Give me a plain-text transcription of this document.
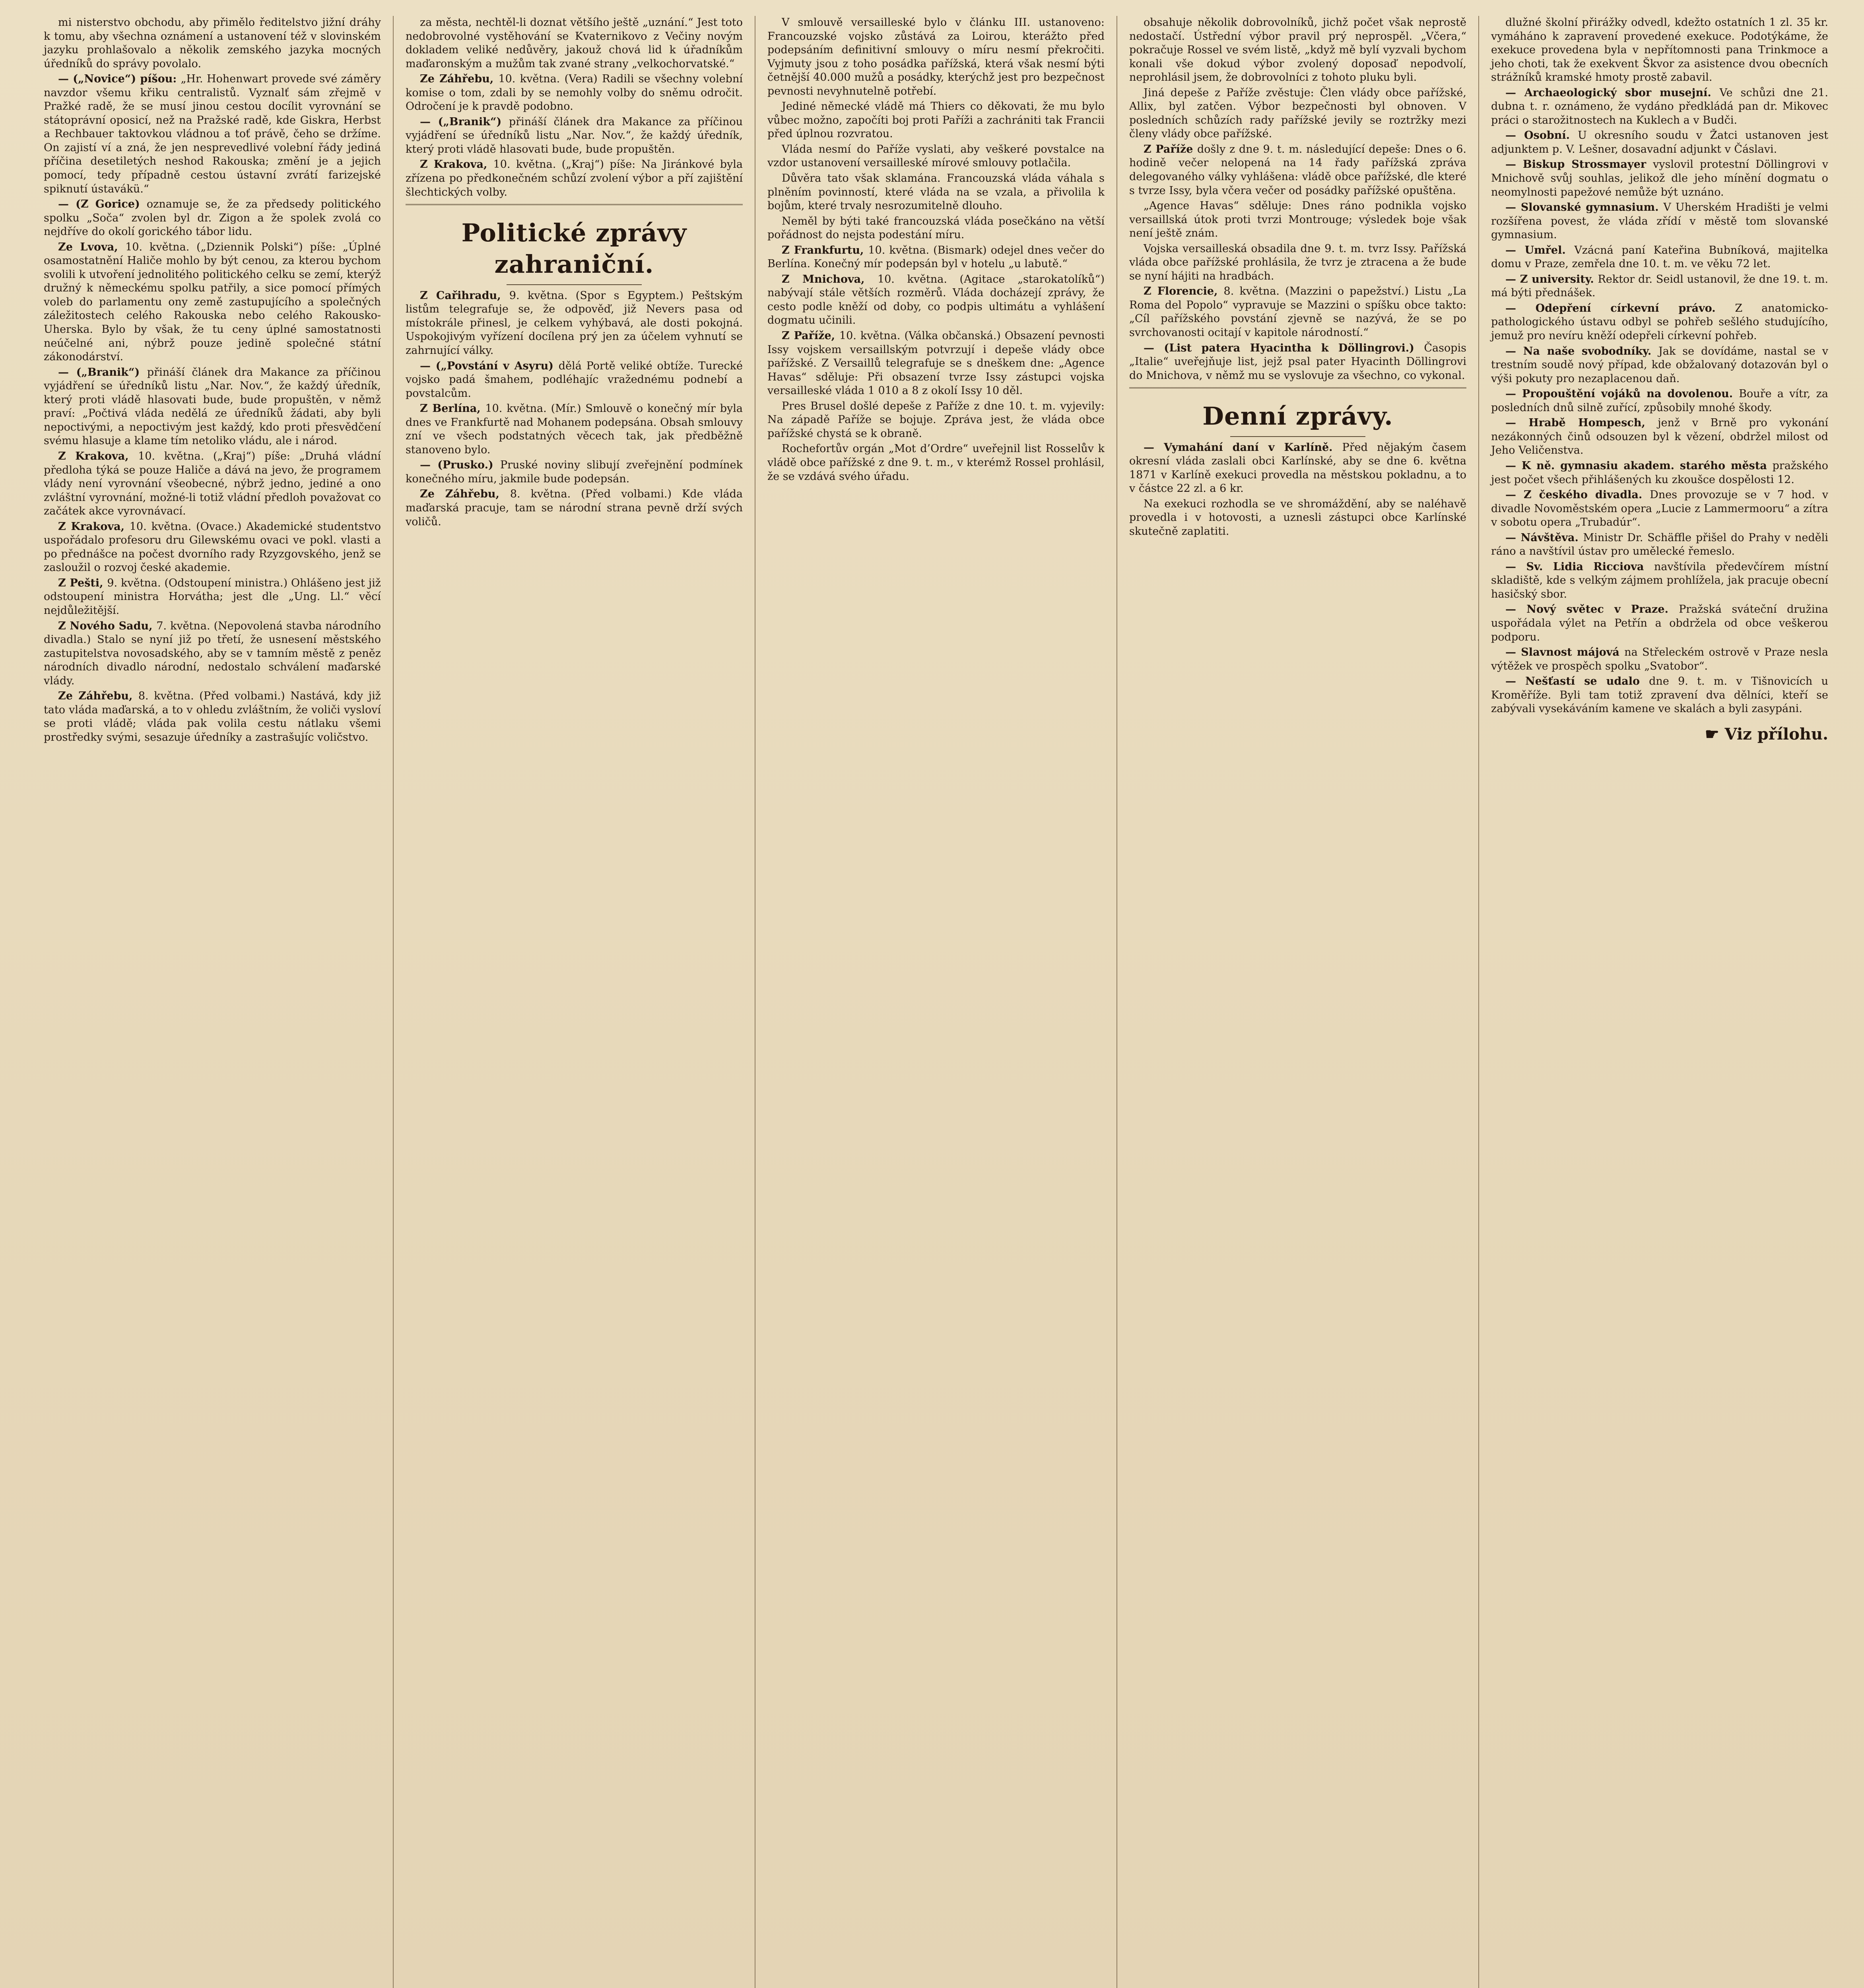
mi nisterstvo obchodu, aby přimělo ředitelstvo jižní dráhy k tomu, aby všechna oznámení a ustanovení též v slovinském jazyku prohlašovalo a několik zemského jazyka mocných úředníků do správy povolalo.

— („Novice“) píšou: „Hr. Hohenwart provede své záměry navzdor všemu křiku centralistů. Vyznalť sám zřejmě v Pražké radě, že se musí jinou cestou docílit vyrovnání se státoprávní oposicí, než na Pražské radě, kde Giskra, Herbst a Rechbauer taktovkou vládnou a toť právě, čeho se držíme. On zajistí ví a zná, že jen nesprevedlivé volební řády jediná příčina desetiletých neshod Rakouska; změní je a jejich pomocí, tedy případně cestou ústavní zvrátí farizejské spiknutí ústavákü.“

— (Z Gorice) oznamuje se, že za předsedy politického spolku „Soča“ zvolen byl dr. Zigon a že spolek zvolá co nejdříve do okolí gorického tábor lidu.

Ze Lvova, 10. května. („Dziennik Polski“) píše: „Úplné osamostatnění Haliče mohlo by být cenou, za kterou bychom svolili k utvoření jednolitého politického celku se zemí, kterýž družný k německému spolku patřily, a sice pomocí přímých voleb do parlamentu ony země zastupujícího a společných záležitostech celého Rakouska nebo celého Rakousko-Uherska. Bylo by však, že tu ceny úplné samostatnosti neúčelné ani, nýbrž pouze jedině společné státní zákonodárství.

— („Branik“) přináší článek dra Makance za příčinou vyjádření se úředníků listu „Nar. Nov.“, že každý úředník, který proti vládě hlasovati bude, bude propuštěn, v němž praví: „Počtivá vláda nedělá ze úředníků žádati, aby byli nepoctivými, a nepoctivým jest každý, kdo proti přesvědčení svému hlasuje a klame tím netoliko vládu, ale i národ.

Z Krakova, 10. května. („Kraj“) píše: „Druhá vládní předloha týká se pouze Haliče a dává na jevo, že programem vlády není vyrovnání všeobecné, nýbrž jedno, jediné a ono zvláštní vyrovnání, možné-li totiž vládní předloh považovat co začátek akce vyrovnávací.

Z Krakova, 10. května. (Ovace.) Akademické studentstvo uspořádalo profesoru dru Gilewskému ovaci ve pokl. vlasti a po přednášce na počest dvorního rady Rzyzgovského, jenž se zasloužil o rozvoj české akademie.

Z Pešti, 9. května. (Odstoupení ministra.) Ohlášeno jest již odstoupení ministra Horvátha; jest dle „Ung. Ll.“ věcí nejdůležitější.

Z Nového Sadu, 7. května. (Nepovolená stavba národního divadla.) Stalo se nyní již po třetí, že usnesení městského zastupitelstva novosadského, aby se v tamním městě z peněz národních divadlo národní, nedostalo schválení maďarské vlády.

Ze Záhřebu, 8. května. (Před volbami.) Nastává, kdy již tato vláda maďarská, a to v ohledu zvláštním, že voliči vysloví se proti vládě; vláda pak volila cestu nátlaku všemi prostředky svými, sesazuje úředníky a zastrašujíc voličstvo.

za města, nechtěl-li doznat většího ještě „uznání.“ Jest toto nedobrovolné vystěhování se Kvaternikovo z Večiny novým dokladem veliké nedůvěry, jakouž chová lid k úřadníkům maďaronským a mužům tak zvané strany „velkochorvatské.“

Ze Záhřebu, 10. května. (Vera) Radili se všechny volební komise o tom, zdali by se nemohly volby do sněmu odročit. Odročení je k pravdě podobno.

— („Branik“) přináší článek dra Makance za příčinou vyjádření se úředníků listu „Nar. Nov.“, že každý úředník, který proti vládě hlasovati bude, bude propuštěn.

Z Krakova, 10. května. („Kraj“) píše: Na Jiránkové byla zřízena po předkonečném schůzí zvolení výbor a pří zajištění šlechtických volby.

Politické zprávy zahraniční.

Z Cařihradu, 9. května. (Spor s Egyptem.) Peštským listům telegrafuje se, že odpověď, již Nevers pasa od místokrále přinesl, je celkem vyhýbavá, ale dosti pokojná. Uspokojivým vyřízení docílena prý jen za účelem vyhnutí se zahrnující války.

— („Povstání v Asyru) dělá Portě veliké obtíže. Turecké vojsko padá šmahem, podléhajíc vražednému podnebí a povstalcům.

Z Berlína, 10. května. (Mír.) Smlouvě o konečný mír byla dnes ve Frankfurtě nad Mohanem podepsána. Obsah smlouvy zní ve všech podstatných věcech tak, jak předběžně stanoveno bylo.

— (Prusko.) Pruské noviny slibují zveřejnění podmínek konečného míru, jakmile bude podepsán.

Ze Záhřebu, 8. května. (Před volbami.) Kde vláda maďarská pracuje, tam se národní strana pevně drží svých voličů.

V smlouvě versailleské bylo v článku III. ustanoveno: Francouzské vojsko zůstává za Loirou, kterážto před podepsáním definitivní smlouvy o míru nesmí překročiti. Vyjmuty jsou z toho posádka pařížská, která však nesmí býti četnější 40.000 mužů a posádky, kterýchž jest pro bezpečnost pevnosti nevyhnutelně potřebí.

Jediné německé vládě má Thiers co děkovati, že mu bylo vůbec možno, započíti boj proti Paříži a zachrániti tak Francii před úplnou rozvratou.

Vláda nesmí do Paříže vyslati, aby veškeré povstalce na vzdor ustanovení versailleské mírové smlouvy potlačila.

Důvěra tato však sklamána. Francouzská vláda váhala s plněním povinností, které vláda na se vzala, a přivolila k bojům, které trvaly nesrozumitelně dlouho.

Neměl by býti také francouzská vláda posečkáno na větší pořádnost do nejsta podestání míru.

Z Frankfurtu, 10. května. (Bismark) odejel dnes večer do Berlína. Konečný mír podepsán byl v hotelu „u labutě.“

Z Mnichova, 10. května. (Agitace „starokatolíků“) nabývají stále větších rozměrů. Vláda docházejí zprávy, že cesto podle kněží od doby, co podpis ultimátu a vyhlášení dogmatu učinili.

Z Paříže, 10. května. (Válka občanská.) Obsazení pevnosti Issy vojskem versaillským potvrzují i depeše vlády obce pařížské. Z Versaillů telegrafuje se s dneškem dne: „Agence Havas“ sděluje: Při obsazení tvrze Issy zástupci vojska versailleské vláda 1 010 a 8 z okolí Issy 10 děl.

Pres Brusel došlé depeše z Paříže z dne 10. t. m. vyjevily: Na západě Paříže se bojuje. Zpráva jest, že vláda obce pařížské chystá se k obraně.

Rochefortův orgán „Mot d’Ordre“ uveřejnil list Rosselův k vládě obce pařížské z dne 9. t. m., v kterémž Rossel prohlásil, že se vzdává svého úřadu.

obsahuje několik dobrovolníků, jichž počet však neprostě nedostačí. Ústřední výbor pravil prý neprospěl. „Včera,“ pokračuje Rossel ve svém listě, „když mě bylí vyzvali bychom konali vše dokud výbor zvolený doposaď nepodvolí, neprohlásil jsem, že dobrovolníci z tohoto pluku byli.

Jiná depeše z Paříže zvěstuje: Člen vlády obce pařížské, Allix, byl zatčen. Výbor bezpečnosti byl obnoven. V posledních schůzích rady pařížské jevily se roztržky mezi členy vlády obce pařížské.

Z Paříže došly z dne 9. t. m. následující depeše: Dnes o 6. hodině večer nelopená na 14 řady pařížská zpráva delegovaného války vyhlášena: vládě obce pařížské, dle které s tvrze Issy, byla včera večer od posádky pařížské opuštěna.

„Agence Havas“ sděluje: Dnes ráno podnikla vojsko versaillská útok proti tvrzi Montrouge; výsledek boje však není ještě znám.

Vojska versailleská obsadila dne 9. t. m. tvrz Issy. Pařížská vláda obce pařížské prohlásila, že tvrz je ztracena a že bude se nyní hájiti na hradbách.

Z Florencie, 8. května. (Mazzini o papežství.) Listu „La Roma del Popolo“ vypravuje se Mazzini o spíšku obce takto: „Cíl pařížského povstání zjevně se nazývá, že se po svrchovanosti ocitají v kapitole národností.“

— (List patera Hyacintha k Döllingrovi.) Časopis „Italie“ uveřejňuje list, jejž psal pater Hyacinth Döllingrovi do Mnichova, v němž mu se vyslovuje za všechno, co vykonal.

Denní zprávy.

— Vymahání daní v Karlíně. Před nějakým časem okresní vláda zaslali obci Karlínské, aby se dne 6. května 1871 v Karlíně exekuci provedla na městskou pokladnu, a to v částce 22 zl. a 6 kr.

Na exekuci rozhodla se ve shromáždění, aby se naléhavě provedla i v hotovosti, a uznesli zástupci obce Karlínské skutečně zaplatiti.

dlužné školní přirážky odvedl, kdežto ostatních 1 zl. 35 kr. vymáháno k zapravení provedené exekuce. Podotýkáme, že exekuce provedena byla v nepřítomnosti pana Trinkmoce a jeho choti, tak že exekvent Škvor za asistence dvou obecních strážníků kramské hmoty prostě zabavil.

— Archaeologický sbor musejní. Ve schůzi dne 21. dubna t. r. oznámeno, že vydáno předkládá pan dr. Mikovec práci o starožitnostech na Kuklech a v Budči.

— Osobní. U okresního soudu v Žatci ustanoven jest adjunktem p. V. Lešner, dosavadní adjunkt v Čáslavi.

— Biskup Strossmayer vyslovil protestní Döllingrovi v Mnichově svůj souhlas, jelikož dle jeho mínění dogmatu o neomylnosti papežové nemůže být uznáno.

— Slovanské gymnasium. V Uherském Hradišti je velmi rozšířena povest, že vláda zřídí v městě tom slovanské gymnasium.

— Umřel. Vzácná paní Kateřina Bubníková, majitelka domu v Praze, zemřela dne 10. t. m. ve věku 72 let.

— Z university. Rektor dr. Seidl ustanovil, že dne 19. t. m. má býti přednášek.

— Odepření církevní právo. Z anatomicko-pathologického ústavu odbyl se pohřeb sešlého studujícího, jemuž pro nevíru kněží odepřeli církevní pohřeb.

— Na naše svobodníky. Jak se dovídáme, nastal se v trestním soudě nový případ, kde obžalovaný dotazován byl o výši pokuty pro nezaplacenou daň.

— Propouštění vojáků na dovolenou. Bouře a vítr, za posledních dnů silně zuřící, způsobily mnohé škody.

— Hrabě Hompesch, jenž v Brně pro vykonání nezákonných činů odsouzen byl k vězení, obdržel milost od Jeho Veličenstva.

— K ně. gymnasiu akadem. starého města pražského jest počet všech přihlášených ku zkoušce dospělosti 12.

— Z českého divadla. Dnes provozuje se v 7 hod. v divadle Novoměstském opera „Lucie z Lammermooru“ a zítra v sobotu opera „Trubadúr“.

— Návštěva. Ministr Dr. Schäffle přišel do Prahy v neděli ráno a navštívil ústav pro umělecké řemeslo.

— Sv. Lidia Ricciova navštívila předevčírem místní skladiště, kde s velkým zájmem prohlížela, jak pracuje obecní hasičský sbor.

— Nový světec v Praze. Pražská sváteční družina uspořádala výlet na Petřín a obdržela od obce veškerou podporu.

— Slavnost májová na Střeleckém ostrově v Praze nesla výtěžek ve prospěch spolku „Svatobor“.

— Nešťastí se udalo dne 9. t. m. v Tišnovicích u Kroměříže. Byli tam totiž zpravení dva dělníci, kteří se zabývali vysekáváním kamene ve skalách a byli zasypáni.

☛ Viz přílohu.
